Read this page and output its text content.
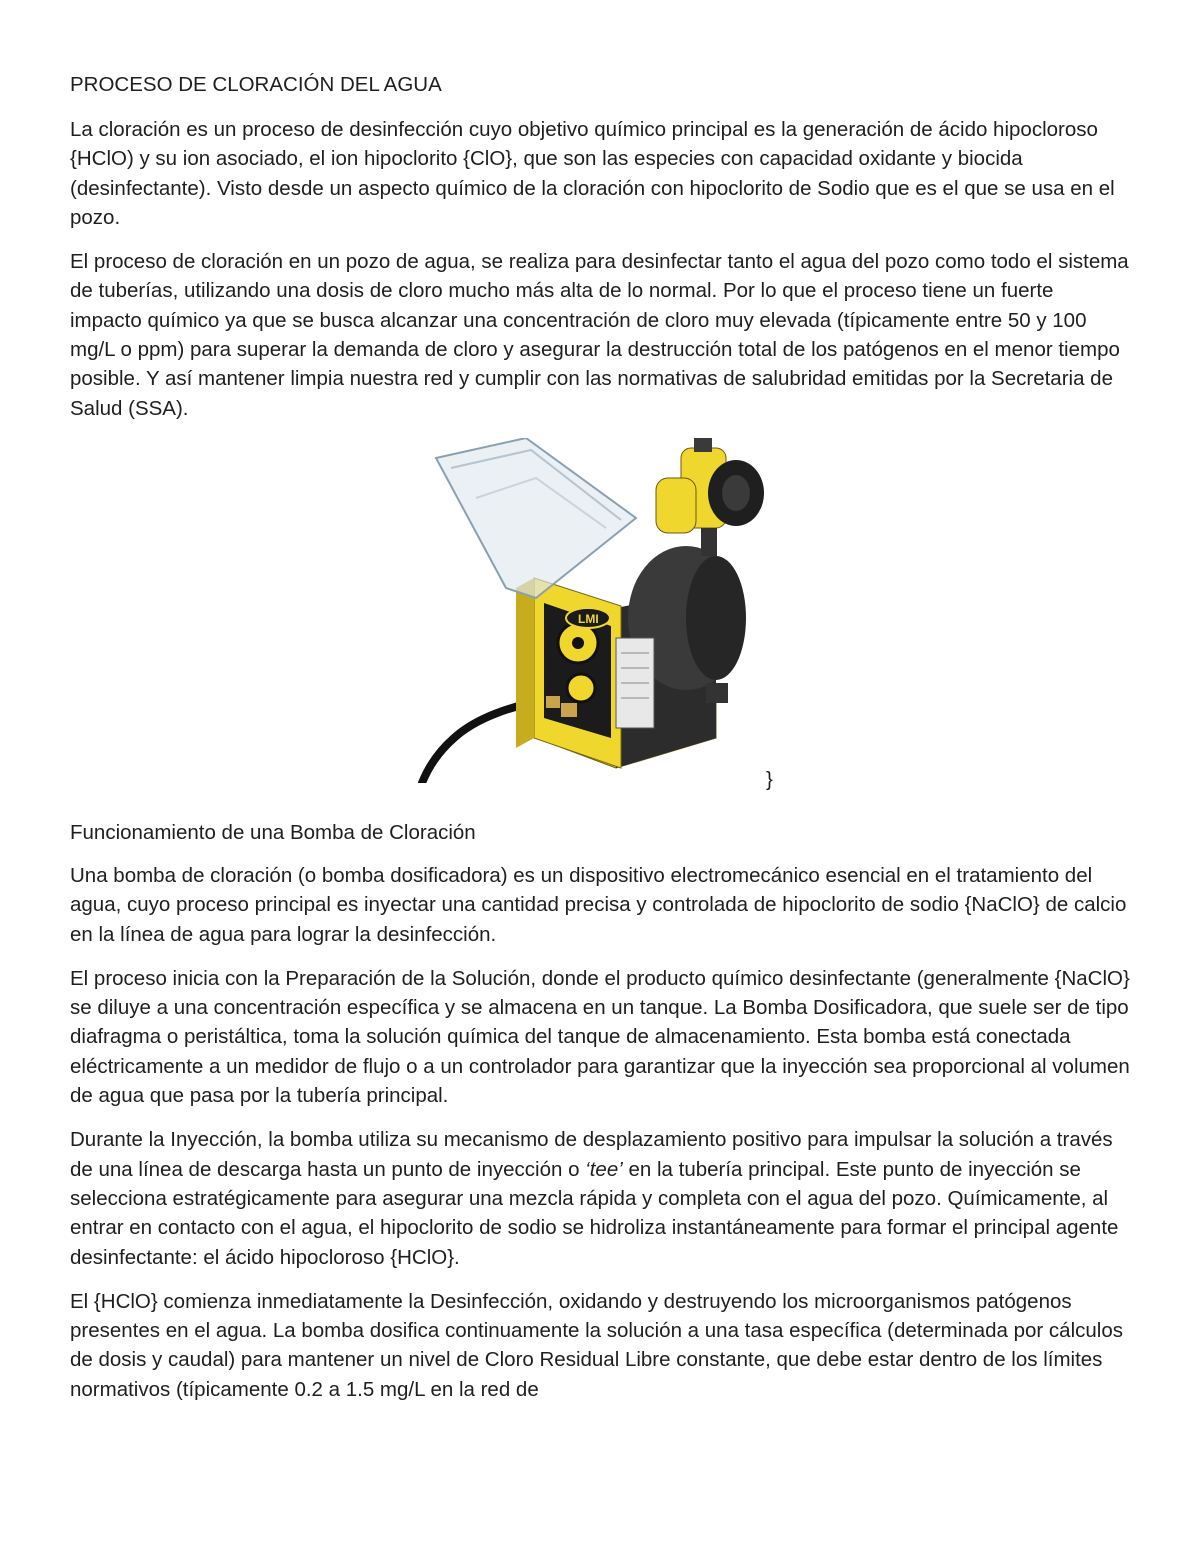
PROCESO DE CLORACIÓN DEL AGUA

La cloración es un proceso de desinfección cuyo objetivo químico principal es la generación de ácido hipocloroso {HClO) y su ion asociado, el ion hipoclorito {ClO}, que son las especies con capacidad oxidante y biocida (desinfectante). Visto desde un aspecto químico de la cloración con hipoclorito de Sodio que es el que se usa en el pozo.

El proceso de cloración en un pozo de agua, se realiza para desinfectar tanto el agua del pozo como todo el sistema de tuberías, utilizando una dosis de cloro mucho más alta de lo normal. Por lo que el proceso tiene un fuerte impacto químico ya que se busca alcanzar una concentración de cloro muy elevada (típicamente entre 50 y 100 mg/L o ppm) para superar la demanda de cloro y asegurar la destrucción total de los patógenos en el menor tiempo posible. Y así mantener limpia nuestra red y cumplir con las normativas de salubridad emitidas por la Secretaria de Salud (SSA).

LMI
}
Funcionamiento de una Bomba de Cloración

Una bomba de cloración (o bomba dosificadora) es un dispositivo electromecánico esencial en el tratamiento del agua, cuyo proceso principal es inyectar una cantidad precisa y controlada de hipoclorito de sodio {NaClO} de calcio en la línea de agua para lograr la desinfección.

El proceso inicia con la Preparación de la Solución, donde el producto químico desinfectante (generalmente {NaClO} se diluye a una concentración específica y se almacena en un tanque. La Bomba Dosificadora, que suele ser de tipo diafragma o peristáltica, toma la solución química del tanque de almacenamiento. Esta bomba está conectada eléctricamente a un medidor de flujo o a un controlador para garantizar que la inyección sea proporcional al volumen de agua que pasa por la tubería principal.

Durante la Inyección, la bomba utiliza su mecanismo de desplazamiento positivo para impulsar la solución a través de una línea de descarga hasta un punto de inyección o ‘tee’ en la tubería principal. Este punto de inyección se selecciona estratégicamente para asegurar una mezcla rápida y completa con el agua del pozo. Químicamente, al entrar en contacto con el agua, el hipoclorito de sodio se hidroliza instantáneamente para formar el principal agente desinfectante: el ácido hipocloroso {HClO}.

El {HClO} comienza inmediatamente la Desinfección, oxidando y destruyendo los microorganismos patógenos presentes en el agua. La bomba dosifica continuamente la solución a una tasa específica (determinada por cálculos de dosis y caudal) para mantener un nivel de Cloro Residual Libre constante, que debe estar dentro de los límites normativos (típicamente 0.2 a 1.5 mg/L en la red de
